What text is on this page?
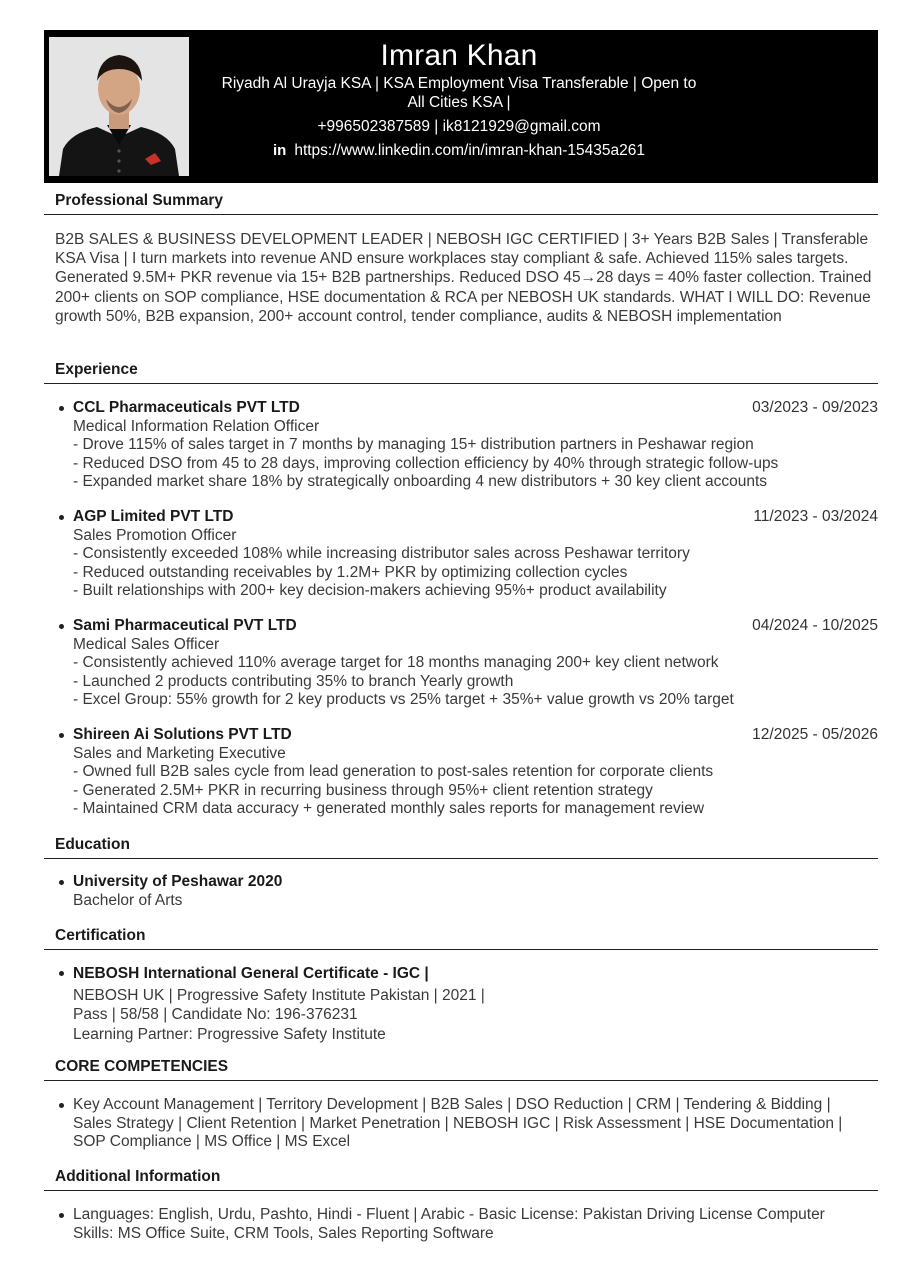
Imran Khan
Riyadh Al Urayja KSA | KSA Employment Visa Transferable | Open to
All Cities KSA |
+996502387589 | ik8121929@gmail.com
in https://www.linkedin.com/in/imran-khan-15435a261
Professional Summary
B2B SALES & BUSINESS DEVELOPMENT LEADER | NEBOSH IGC CERTIFIED | 3+ Years B2B Sales | Transferable KSA Visa | I turn markets into revenue AND ensure workplaces stay compliant & safe. Achieved 115% sales targets. Generated 9.5M+ PKR revenue via 15+ B2B partnerships. Reduced DSO 45→28 days = 40% faster collection. Trained 200+ clients on SOP compliance, HSE documentation & RCA per NEBOSH UK standards. WHAT I WILL DO: Revenue growth 50%, B2B expansion, 200+ account control, tender compliance, audits & NEBOSH implementation
Experience
CCL Pharmaceuticals PVT LTD	03/2023 - 09/2023
Medical Information Relation Officer
- Drove 115% of sales target in 7 months by managing 15+ distribution partners in Peshawar region
- Reduced DSO from 45 to 28 days, improving collection efficiency by 40% through strategic follow-ups
- Expanded market share 18% by strategically onboarding 4 new distributors + 30 key client accounts
AGP Limited PVT LTD	11/2023 - 03/2024
Sales Promotion Officer
- Consistently exceeded 108% while increasing distributor sales across Peshawar territory
- Reduced outstanding receivables by 1.2M+ PKR by optimizing collection cycles
- Built relationships with 200+ key decision-makers achieving 95%+ product availability
Sami Pharmaceutical PVT LTD	04/2024 - 10/2025
Medical Sales Officer
- Consistently achieved 110% average target for 18 months managing 200+ key client network
- Launched 2 products contributing 35% to branch Yearly growth
- Excel Group: 55% growth for 2 key products vs 25% target + 35%+ value growth vs 20% target
Shireen Ai Solutions PVT LTD	12/2025 - 05/2026
Sales and Marketing Executive
- Owned full B2B sales cycle from lead generation to post-sales retention for corporate clients
- Generated 2.5M+ PKR in recurring business through 95%+ client retention strategy
- Maintained CRM data accuracy + generated monthly sales reports for management review
Education
University of Peshawar 2020
Bachelor of Arts
Certification
NEBOSH International General Certificate - IGC |
NEBOSH UK | Progressive Safety Institute Pakistan | 2021 |
Pass | 58/58 | Candidate No: 196-376231
Learning Partner: Progressive Safety Institute
CORE COMPETENCIES
Key Account Management | Territory Development | B2B Sales | DSO Reduction | CRM | Tendering & Bidding |
Sales Strategy | Client Retention | Market Penetration | NEBOSH IGC | Risk Assessment | HSE Documentation |
SOP Compliance | MS Office | MS Excel
Additional Information
Languages: English, Urdu, Pashto, Hindi - Fluent | Arabic - Basic License: Pakistan Driving License Computer
Skills: MS Office Suite, CRM Tools, Sales Reporting Software
